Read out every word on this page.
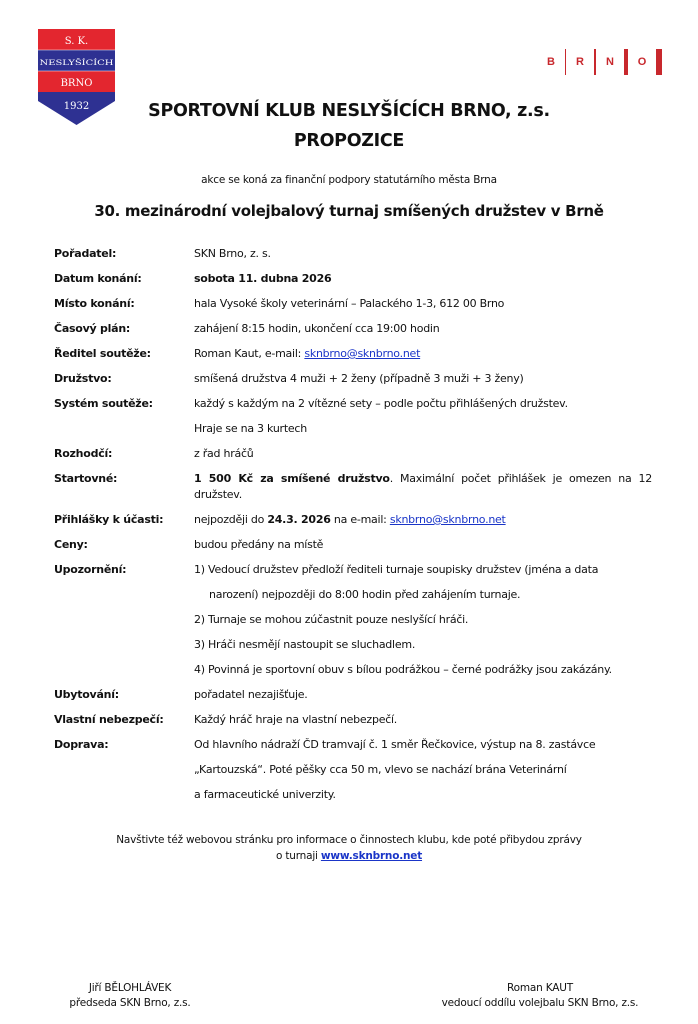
S. K.
NESLYŠÍCÍCH
BRNO
1932
B R N O
SPORTOVNÍ KLUB NESLYŠÍCÍCH BRNO, z.s.
PROPOZICE
akce se koná za finanční podpory statutárního města Brna
30. mezinárodní volejbalový turnaj smíšených družstev v Brně
Pořadatel:	SKN Brno, z. s.
Datum konání:	sobota 11. dubna 2026
Místo konání:	hala Vysoké školy veterinární – Palackého 1-3, 612 00 Brno
Časový plán:	zahájení 8:15 hodin, ukončení cca 19:00 hodin
Ředitel soutěže:	Roman Kaut, e-mail: sknbrno@sknbrno.net
Družstvo:	smíšená družstva 4 muži + 2 ženy (případně 3 muži + 3 ženy)
Systém soutěže:	každý s každým na 2 vítězné sety – podle počtu přihlášených družstev.
Hraje se na 3 kurtech
Rozhodčí:	z řad hráčů
Startovné:	1 500 Kč za smíšené družstvo. Maximální počet přihlášek je omezen na 12 družstev.
Přihlášky k účasti:	nejpozději do 24.3. 2026 na e-mail: sknbrno@sknbrno.net
Ceny:	budou předány na místě
Upozornění:	1) Vedoucí družstev předloží řediteli turnaje soupisky družstev (jména a data
narození) nejpozději do 8:00 hodin před zahájením turnaje.
2) Turnaje se mohou zúčastnit pouze neslyšící hráči.
3) Hráči nesmějí nastoupit se sluchadlem.
4) Povinná je sportovní obuv s bílou podrážkou – černé podrážky jsou zakázány.
Ubytování:	pořadatel nezajišťuje.
Vlastní nebezpečí:	Každý hráč hraje na vlastní nebezpečí.
Doprava:	Od hlavního nádraží ČD tramvají č. 1 směr Řečkovice, výstup na 8. zastávce
„Kartouzská“. Poté pěšky cca 50 m, vlevo se nachází brána Veterinární
a farmaceutické univerzity.
Navštivte též webovou stránku pro informace o činnostech klubu, kde poté přibydou zprávy
o turnaji www.sknbrno.net
Jiří BĚLOHLÁVEK
předseda SKN Brno, z.s.
Roman KAUT
vedoucí oddílu volejbalu SKN Brno, z.s.
